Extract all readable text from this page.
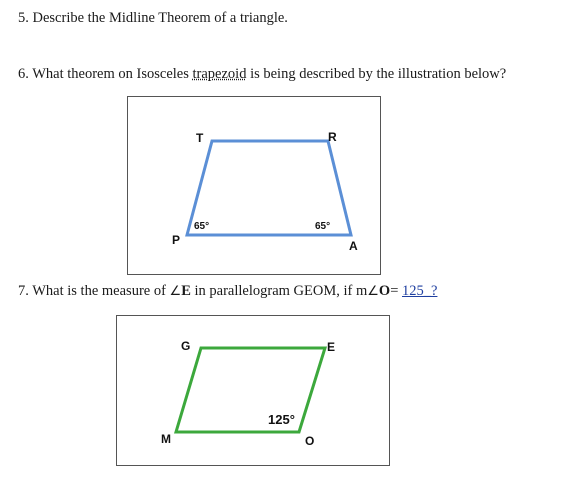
5. Describe the Midline Theorem of a triangle.
6. What theorem on Isosceles trapezoid is being described by the illustration below?
T	R
P	A
65°	65°
7. What is the measure of ∠E in parallelogram GEOM, if m∠O= 125_?
G	E
M	O
125°
